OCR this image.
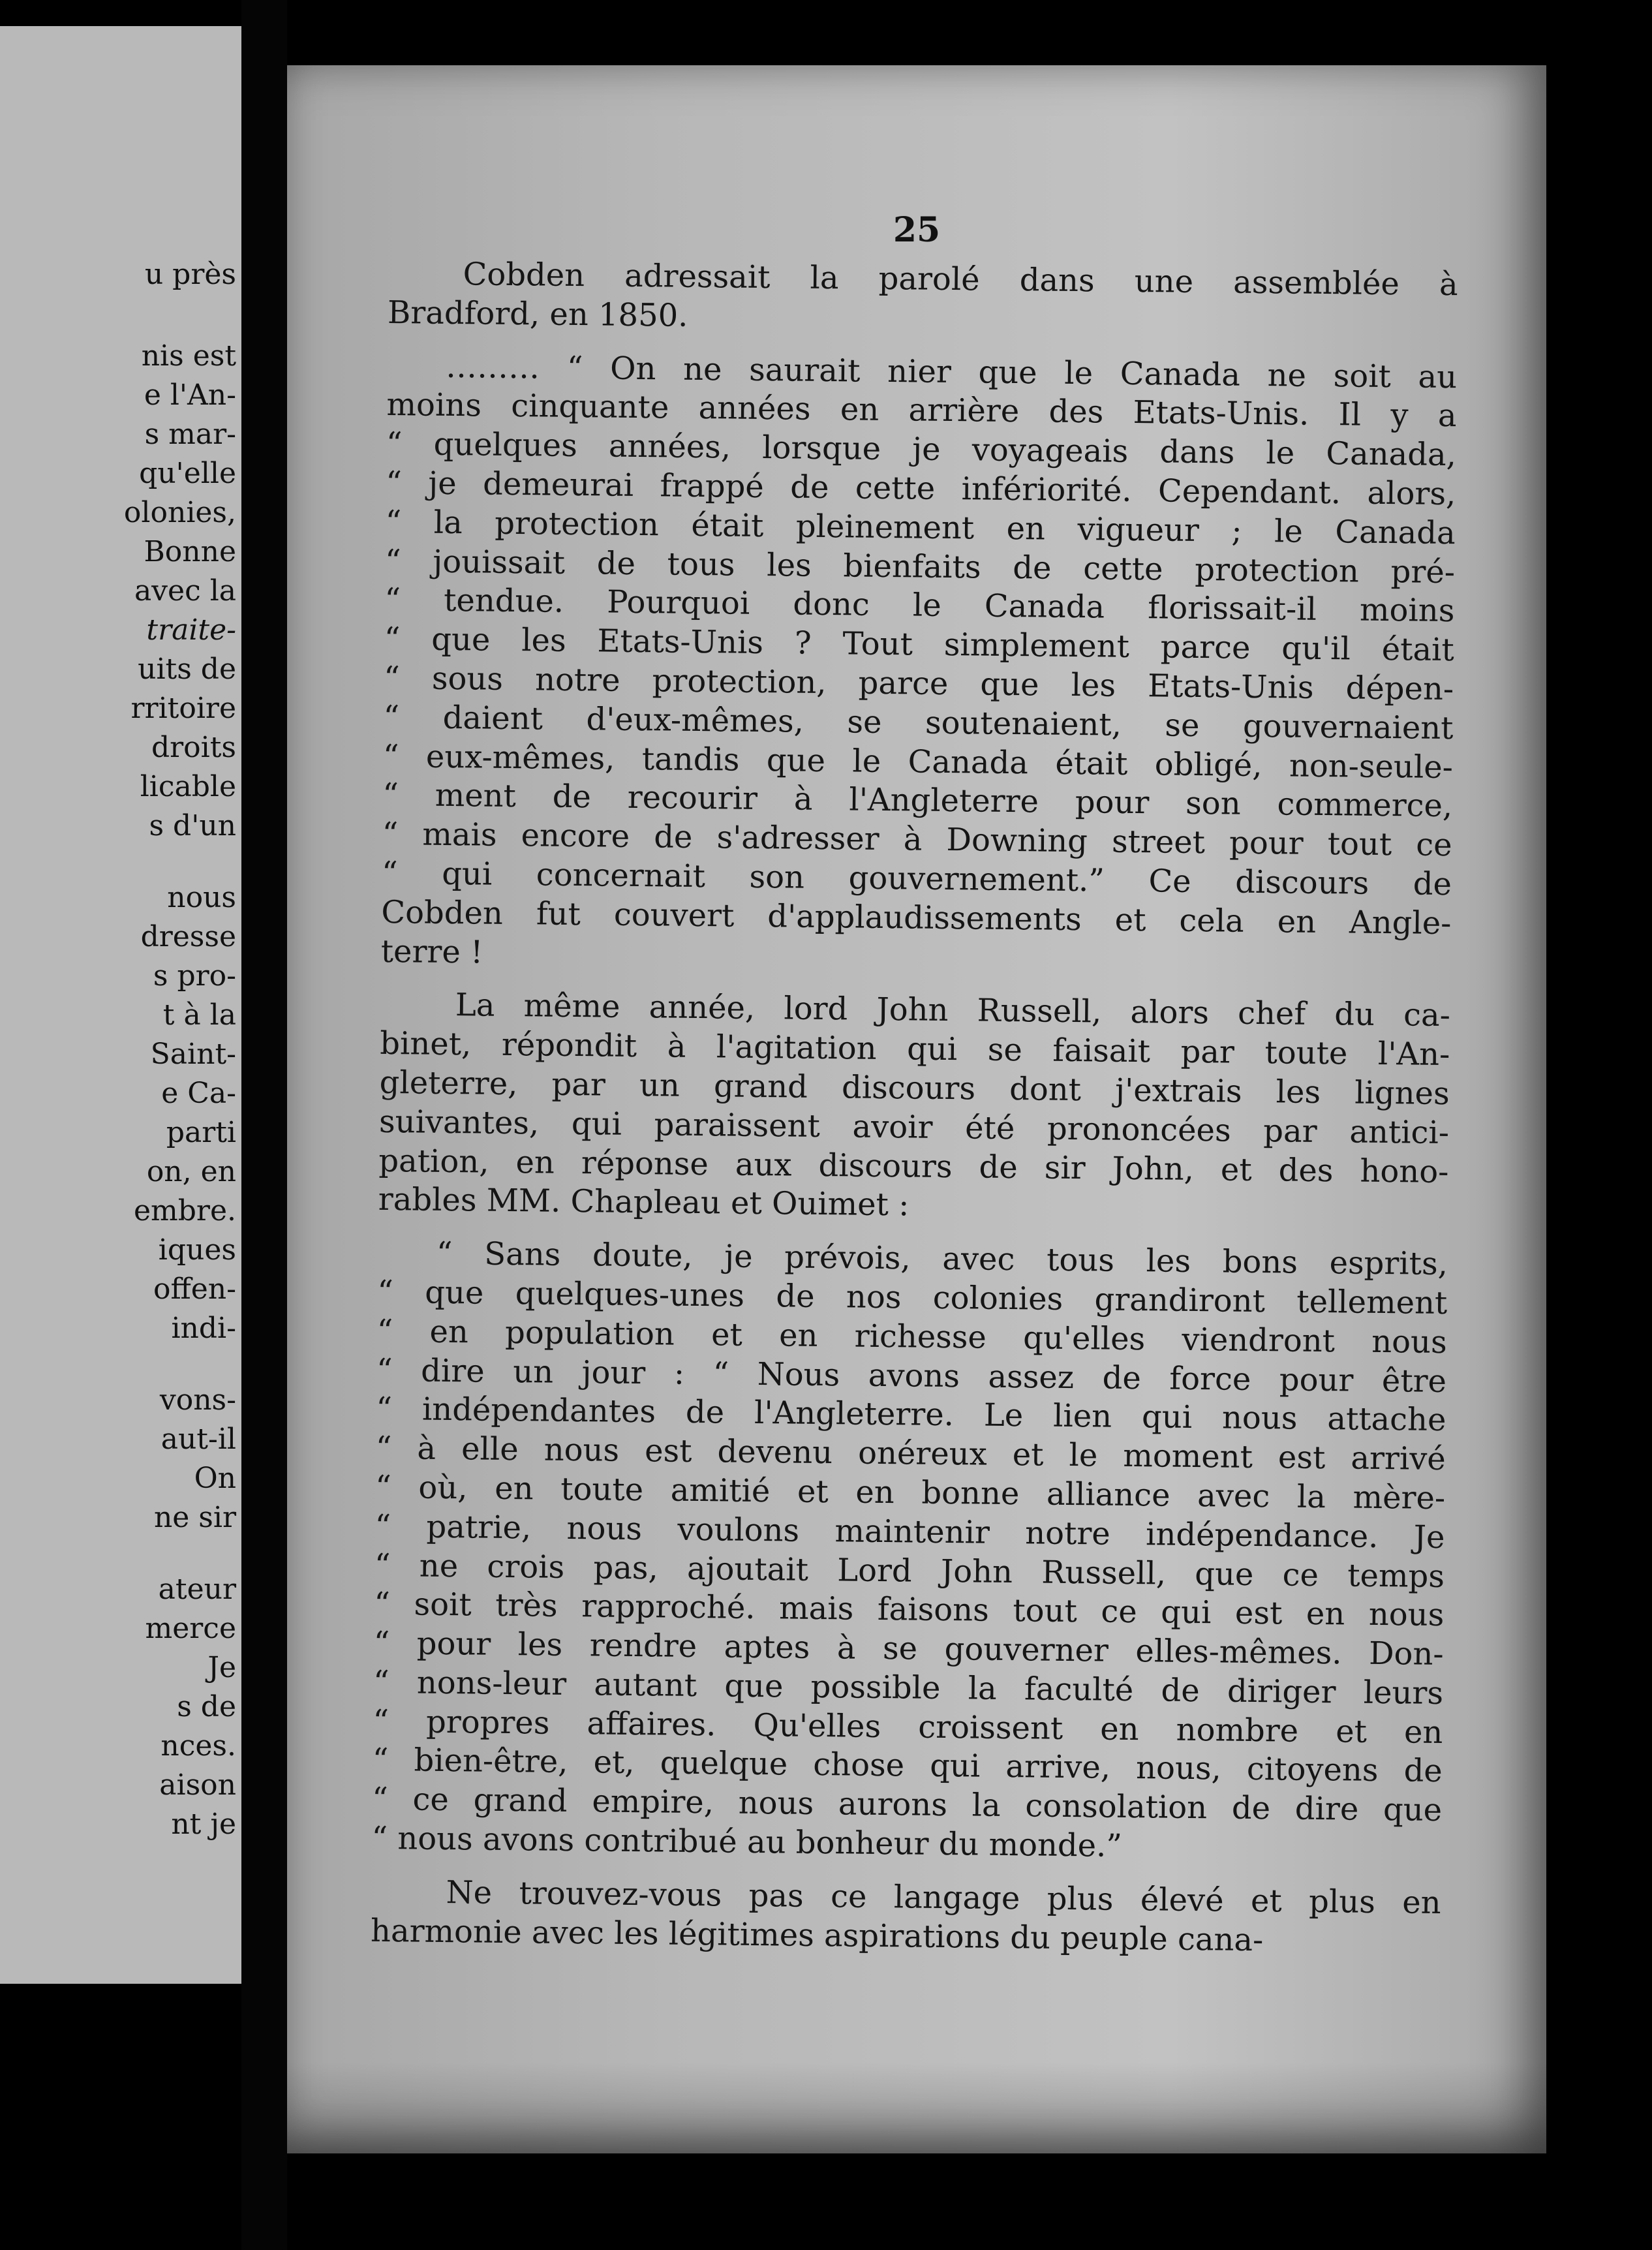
u près
nis est
e l'An-
s mar-
qu'elle
olonies,
Bonne
avec la
traite-
uits de
rritoire
droits
licable
s d'un
nous
dresse
s pro-
t à la
Saint-
e Ca-
parti
on, en
embre.
iques
offen-
indi-
vons-
aut-il
On
ne sir
ateur
merce
Je
s de
nces.
aison
nt je
25
Cobden adressait la parolé dans une assemblée à
Bradford, en 1850.
……… “ On ne saurait nier que le Canada ne soit au
moins cinquante années en arrière des Etats-Unis. Il y a
“ quelques années, lorsque je voyageais dans le Canada,
“ je demeurai frappé de cette infériorité. Cependant. alors,
“ la protection était pleinement en vigueur ; le Canada
“ jouissait de tous les bienfaits de cette protection pré-
“ tendue. Pourquoi donc le Canada florissait-il moins
“ que les Etats-Unis ? Tout simplement parce qu'il était
“ sous notre protection, parce que les Etats-Unis dépen-
“ daient d'eux-mêmes, se soutenaient, se gouvernaient
“ eux-mêmes, tandis que le Canada était obligé, non-seule-
“ ment de recourir à l'Angleterre pour son commerce,
“ mais encore de s'adresser à Downing street pour tout ce
“ qui concernait son gouvernement.” Ce discours de
Cobden fut couvert d'applaudissements et cela en Angle-
terre !
La même année, lord John Russell, alors chef du ca-
binet, répondit à l'agitation qui se faisait par toute l'An-
gleterre, par un grand discours dont j'extrais les lignes
suivantes, qui paraissent avoir été prononcées par antici-
pation, en réponse aux discours de sir John, et des hono-
rables MM. Chapleau et Ouimet :
“ Sans doute, je prévois, avec tous les bons esprits,
“ que quelques-unes de nos colonies grandiront tellement
“ en population et en richesse qu'elles viendront nous
“ dire un jour : “ Nous avons assez de force pour être
“ indépendantes de l'Angleterre. Le lien qui nous attache
“ à elle nous est devenu onéreux et le moment est arrivé
“ où, en toute amitié et en bonne alliance avec la mère-
“ patrie, nous voulons maintenir notre indépendance. Je
“ ne crois pas, ajoutait Lord John Russell, que ce temps
“ soit très rapproché. mais faisons tout ce qui est en nous
“ pour les rendre aptes à se gouverner elles-mêmes. Don-
“ nons-leur autant que possible la faculté de diriger leurs
“ propres affaires. Qu'elles croissent en nombre et en
“ bien-être, et, quelque chose qui arrive, nous, citoyens de
“ ce grand empire, nous aurons la consolation de dire que
“ nous avons contribué au bonheur du monde.”
Ne trouvez-vous pas ce langage plus élevé et plus en
harmonie avec les légitimes aspirations du peuple cana-
